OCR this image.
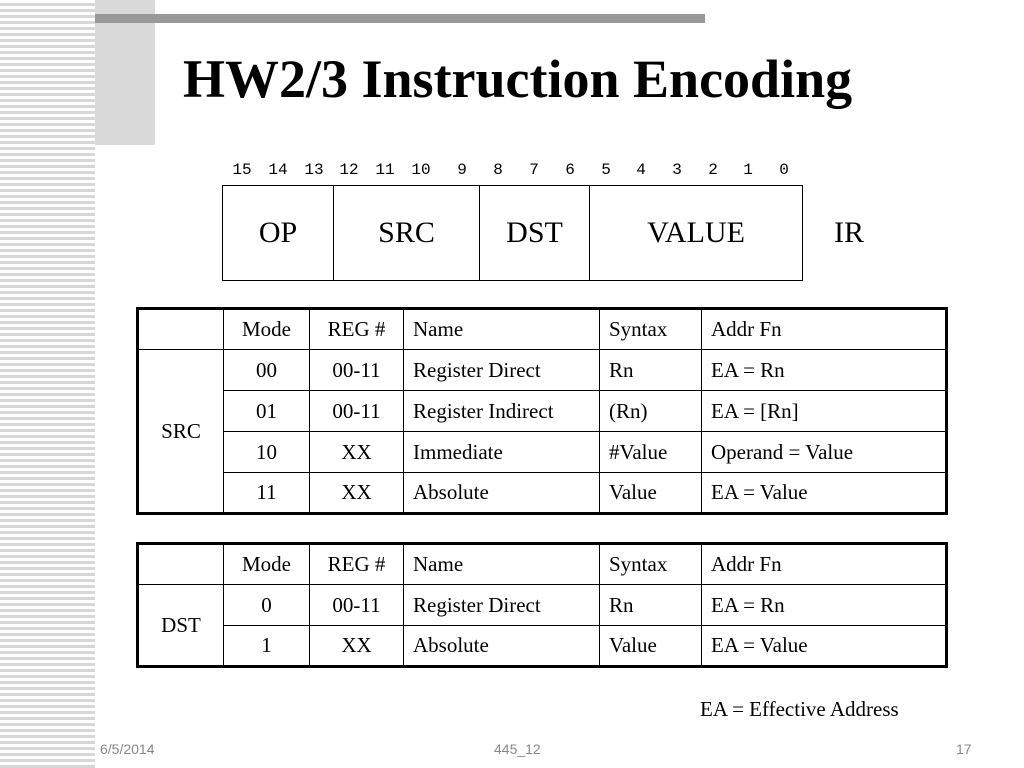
HW2/3 Instruction Encoding
15	14	13 12	11	10	9	8	7	6	5	4	3	2	1	0
OP	SRC	DST	VALUE	IR
	Mode	REG #	Name	Syntax	Addr Fn
SRC	00	00-11	Register Direct	Rn	EA = Rn
	01	00-11	Register Indirect	(Rn)	EA = [Rn]
	10	XX	Immediate	#Value	Operand = Value
	11	XX	Absolute	Value	EA = Value
	Mode	REG #	Name	Syntax	Addr Fn
DST	0	00-11	Register Direct	Rn	EA = Rn
	1	XX	Absolute	Value	EA = Value
EA = Effective Address
6/5/2014	445_12	17
